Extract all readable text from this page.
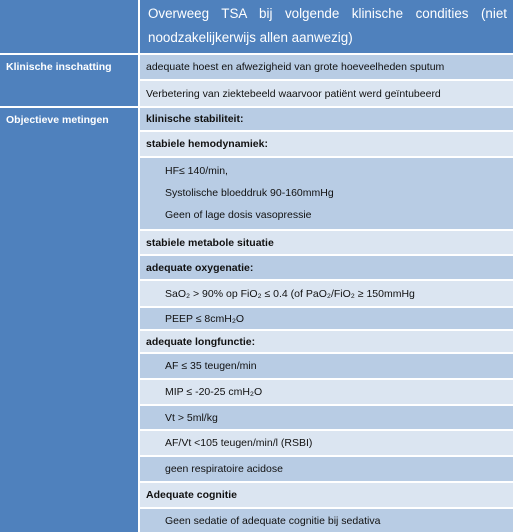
Overweeg TSA bij volgende klinische condities (niet noodzakelijkerwijs allen aanwezig)
Klinische inschatting
Objectieve metingen
adequate hoest en afwezigheid van grote hoeveelheden sputum
Verbetering van ziektebeeld waarvoor patiënt werd geïntubeerd
klinische stabiliteit:
stabiele hemodynamiek:
HF≤ 140/min,
Systolische bloeddruk 90-160mmHg
Geen of lage dosis vasopressie
stabiele metabole situatie
adequate oxygenatie:
SaO₂ > 90% op FiO₂ ≤ 0.4 (of PaO₂/FiO₂ ≥ 150mmHg
PEEP ≤ 8cmH₂O
adequate longfunctie:
AF ≤ 35 teugen/min
MIP ≤ -20-25 cmH₂O
Vt > 5ml/kg
AF/Vt <105 teugen/min/l (RSBI)
geen respiratoire acidose
Adequate cognitie
Geen sedatie of adequate cognitie bij sedativa
